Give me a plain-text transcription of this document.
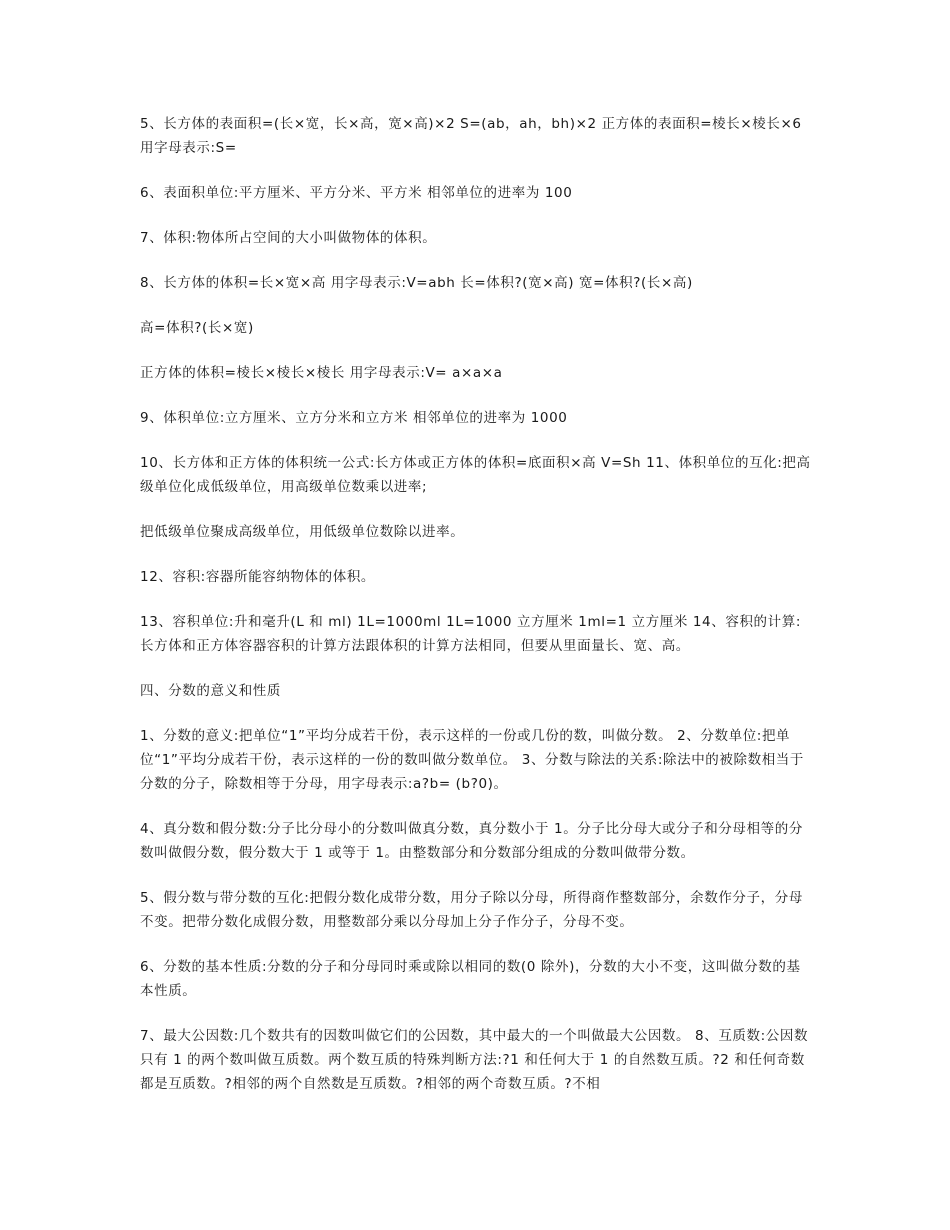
5、长方体的表面积=(长×宽，长×高，宽×高)×2 S=(ab，ah，bh)×2 正方体的表面积=棱长×棱长×6 用字母表示:S=

6、表面积单位:平方厘米、平方分米、平方米 相邻单位的进率为 100

7、体积:物体所占空间的大小叫做物体的体积。

8、长方体的体积=长×宽×高 用字母表示:V=abh 长=体积?(宽×高) 宽=体积?(长×高)

高=体积?(长×宽)

正方体的体积=棱长×棱长×棱长 用字母表示:V= a×a×a

9、体积单位:立方厘米、立方分米和立方米 相邻单位的进率为 1000

10、长方体和正方体的体积统一公式:长方体或正方体的体积=底面积×高 V=Sh 11、体积单位的互化:把高级单位化成低级单位，用高级单位数乘以进率;

把低级单位聚成高级单位，用低级单位数除以进率。

12、容积:容器所能容纳物体的体积。

13、容积单位:升和毫升(L 和 ml) 1L=1000ml 1L=1000 立方厘米 1ml=1 立方厘米 14、容积的计算:长方体和正方体容器容积的计算方法跟体积的计算方法相同，但要从里面量长、宽、高。

四、分数的意义和性质

1、分数的意义:把单位“1”平均分成若干份，表示这样的一份或几份的数，叫做分数。 2、分数单位:把单位“1”平均分成若干份，表示这样的一份的数叫做分数单位。 3、分数与除法的关系:除法中的被除数相当于分数的分子，除数相等于分母，用字母表示:a?b= (b?0)。

4、真分数和假分数:分子比分母小的分数叫做真分数，真分数小于 1。分子比分母大或分子和分母相等的分数叫做假分数，假分数大于 1 或等于 1。由整数部分和分数部分组成的分数叫做带分数。

5、假分数与带分数的互化:把假分数化成带分数，用分子除以分母，所得商作整数部分，余数作分子，分母不变。把带分数化成假分数，用整数部分乘以分母加上分子作分子，分母不变。

6、分数的基本性质:分数的分子和分母同时乘或除以相同的数(0 除外)，分数的大小不变，这叫做分数的基本性质。

7、最大公因数:几个数共有的因数叫做它们的公因数，其中最大的一个叫做最大公因数。 8、互质数:公因数只有 1 的两个数叫做互质数。两个数互质的特殊判断方法:?1 和任何大于 1 的自然数互质。?2 和任何奇数都是互质数。?相邻的两个自然数是互质数。?相邻的两个奇数互质。?不相
